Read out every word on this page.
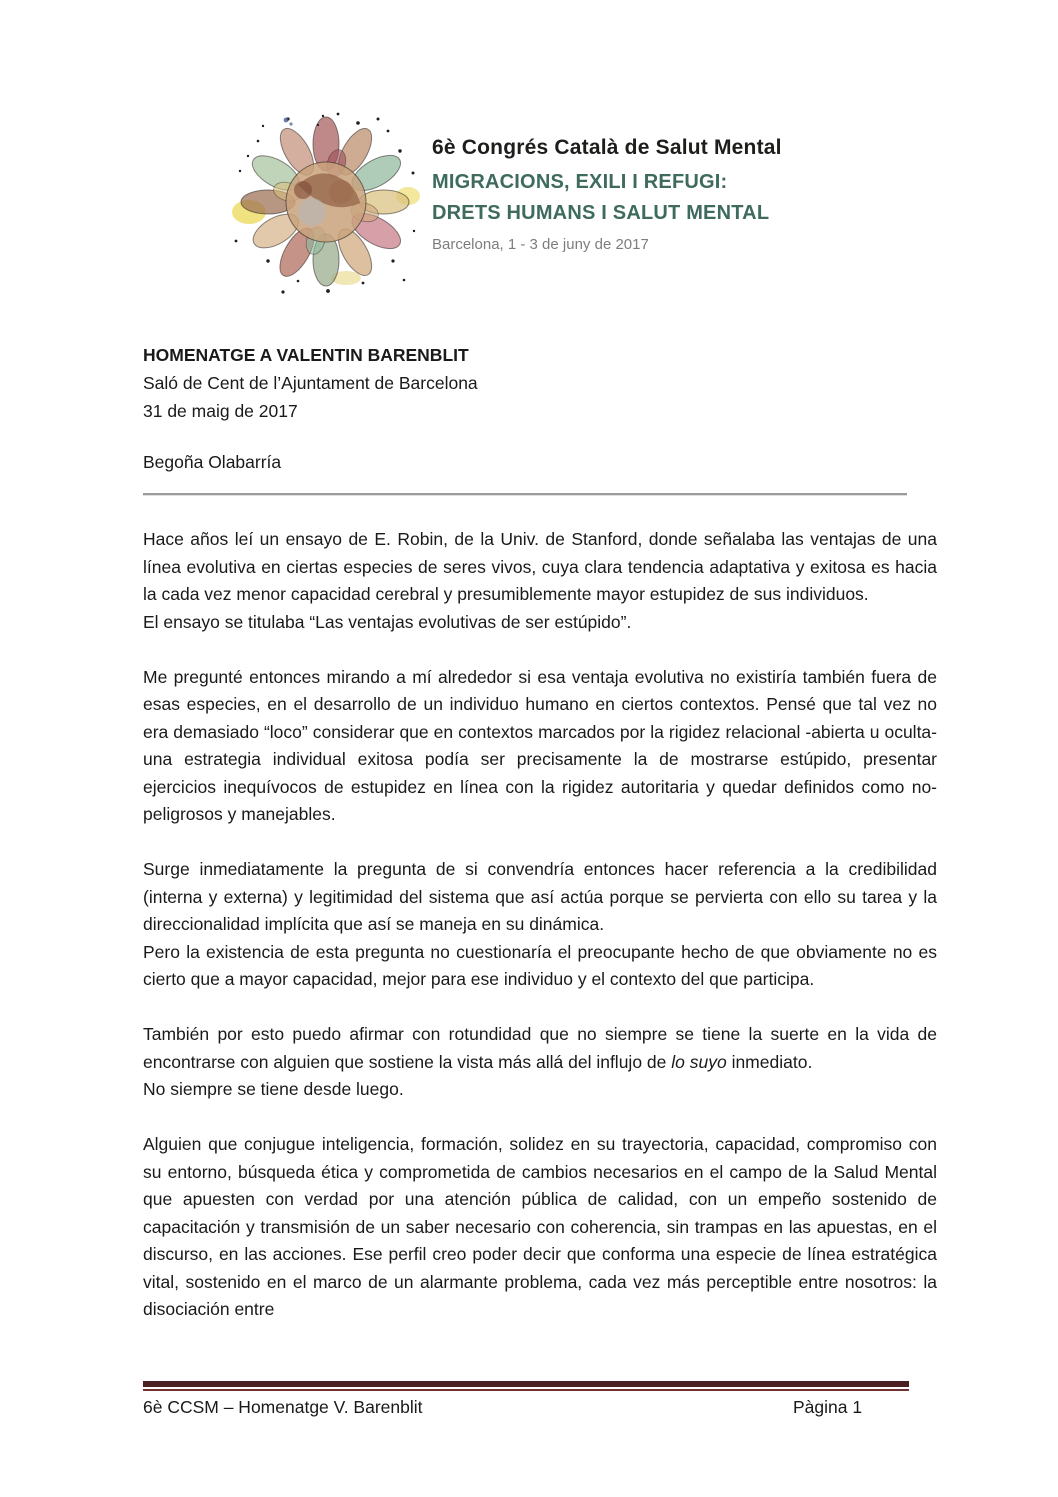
6è Congrés Català de Salut Mental
MIGRACIONS, EXILI I REFUGI:
DRETS HUMANS I SALUT MENTAL
Barcelona, 1 - 3 de juny de 2017
HOMENATGE A VALENTIN BARENBLIT
Saló de Cent de l’Ajuntament de Barcelona
31 de maig de 2017
Begoña Olabarría

Hace años leí un ensayo de E. Robin, de la Univ. de Stanford, donde señalaba las ventajas de una línea evolutiva en ciertas especies de seres vivos, cuya clara tendencia adaptativa y exitosa es hacia la cada vez menor capacidad cerebral y presumiblemente mayor estupidez de sus individuos.

El ensayo se titulaba “Las ventajas evolutivas de ser estúpido”.

Me pregunté entonces mirando a mí alrededor si esa ventaja evolutiva no existiría también fuera de esas especies, en el desarrollo de un individuo humano en ciertos contextos. Pensé que tal vez no era demasiado “loco” considerar que en contextos marcados por la rigidez relacional -abierta u oculta- una estrategia individual exitosa podía ser precisamente la de mostrarse estúpido, presentar ejercicios inequívocos de estupidez en línea con la rigidez autoritaria y quedar definidos como no-peligrosos y manejables.

Surge inmediatamente la pregunta de si convendría entonces hacer referencia a la credibilidad (interna y externa) y legitimidad del sistema que así actúa porque se pervierta con ello su tarea y la direccionalidad implícita que así se maneja en su dinámica.

Pero la existencia de esta pregunta no cuestionaría el preocupante hecho de que obviamente no es cierto que a mayor capacidad, mejor para ese individuo y el contexto del que participa.

También por esto puedo afirmar con rotundidad que no siempre se tiene la suerte en la vida de encontrarse con alguien que sostiene la vista más allá del influjo de lo suyo inmediato.

No siempre se tiene desde luego.

Alguien que conjugue inteligencia, formación, solidez en su trayectoria, capacidad, compromiso con su entorno, búsqueda ética y comprometida de cambios necesarios en el campo de la Salud Mental que apuesten con verdad por una atención pública de calidad, con un empeño sostenido de capacitación y transmisión de un saber necesario con coherencia, sin trampas en las apuestas, en el discurso, en las acciones. Ese perfil creo poder decir que conforma una especie de línea estratégica vital, sostenido en el marco de un alarmante problema, cada vez más perceptible entre nosotros: la disociación entre

6è CCSM – Homenatge V. Barenblit	Pàgina 1
